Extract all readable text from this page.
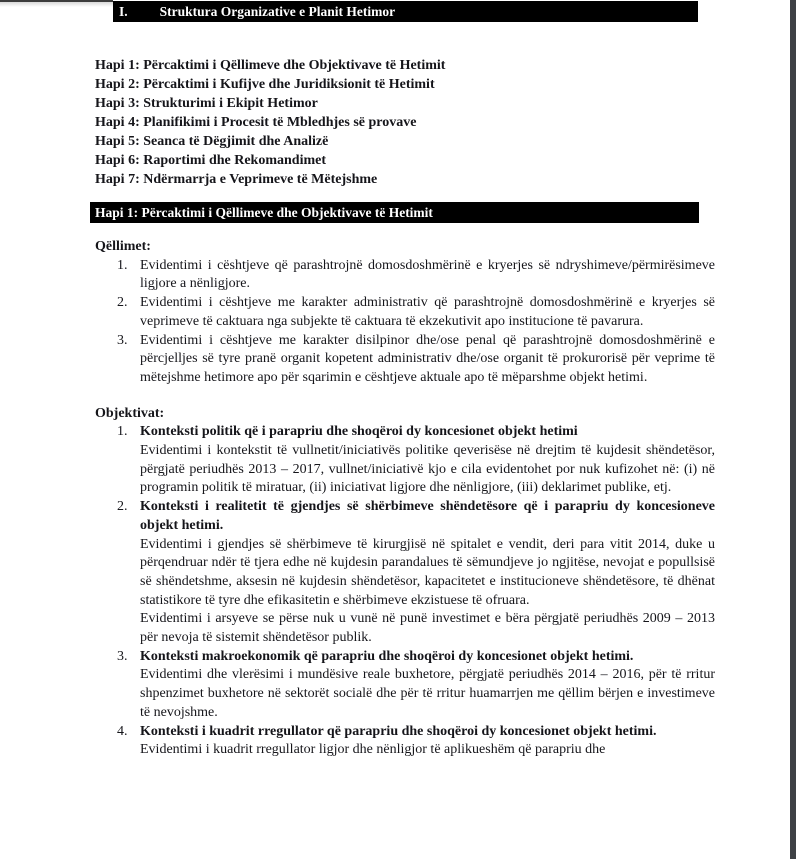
I. Struktura Organizative e Planit Hetimor
Hapi 1: Përcaktimi i Qëllimeve dhe Objektivave të Hetimit
Hapi 2: Përcaktimi i Kufijve dhe Juridiksionit të Hetimit
Hapi 3: Strukturimi i Ekipit Hetimor
Hapi 4: Planifikimi i Procesit të Mbledhjes së provave
Hapi 5: Seanca të Dëgjimit dhe Analizë
Hapi 6: Raportimi dhe Rekomandimet
Hapi 7: Ndërmarrja e Veprimeve të Mëtejshme
Hapi 1: Përcaktimi i Qëllimeve dhe Objektivave të Hetimit
Qëllimet:
1. Evidentimi i cështjeve që parashtrojnë domosdoshmërinë e kryerjes së ndryshimeve/përmirësimeve ligjore a nënligjore.
2. Evidentimi i cështjeve me karakter administrativ që parashtrojnë domosdoshmërinë e kryerjes së veprimeve të caktuara nga subjekte të caktuara të ekzekutivit apo institucione të pavarura.
3. Evidentimi i cështjeve me karakter disilpinor dhe/ose penal që parashtrojnë domosdoshmërinë e përcjelljes së tyre pranë organit kopetent administrativ dhe/ose organit të prokurorisë për veprime të mëtejshme hetimore apo për sqarimin e cështjeve aktuale apo të mëparshme objekt hetimi.
Objektivat:
1. Konteksti politik që i parapriu dhe shoqëroi dy koncesionet objekt hetimi
Evidentimi i kontekstit të vullnetit/iniciativës politike qeverisëse në drejtim të kujdesit shëndetësor, përgjatë periudhës 2013 – 2017, vullnet/iniciativë kjo e cila evidentohet por nuk kufizohet në: (i) në programin politik të miratuar, (ii) iniciativat ligjore dhe nënligjore, (iii) deklarimet publike, etj.
2. Konteksti i realitetit të gjendjes së shërbimeve shëndetësore që i parapriu dy koncesioneve objekt hetimi.
Evidentimi i gjendjes së shërbimeve të kirurgjisë në spitalet e vendit, deri para vitit 2014, duke u përqendruar ndër të tjera edhe në kujdesin parandalues të sëmundjeve jo ngjitëse, nevojat e popullsisë së shëndetshme, aksesin në kujdesin shëndetësor, kapacitetet e institucioneve shëndetësore, të dhënat statistikore të tyre dhe efikasitetin e shërbimeve ekzistuese të ofruara.
Evidentimi i arsyeve se përse nuk u vunë në punë investimet e bëra përgjatë periudhës 2009 – 2013 për nevoja të sistemit shëndetësor publik.
3. Konteksti makroekonomik që parapriu dhe shoqëroi dy koncesionet objekt hetimi.
Evidentimi dhe vlerësimi i mundësive reale buxhetore, përgjatë periudhës 2014 – 2016, për të rritur shpenzimet buxhetore në sektorët socialë dhe për të rritur huamarrjen me qëllim bërjen e investimeve të nevojshme.
4. Konteksti i kuadrit rregullator që parapriu dhe shoqëroi dy koncesionet objekt hetimi.
Evidentimi i kuadrit rregullator ligjor dhe nënligjor të aplikueshëm që parapriu dhe
